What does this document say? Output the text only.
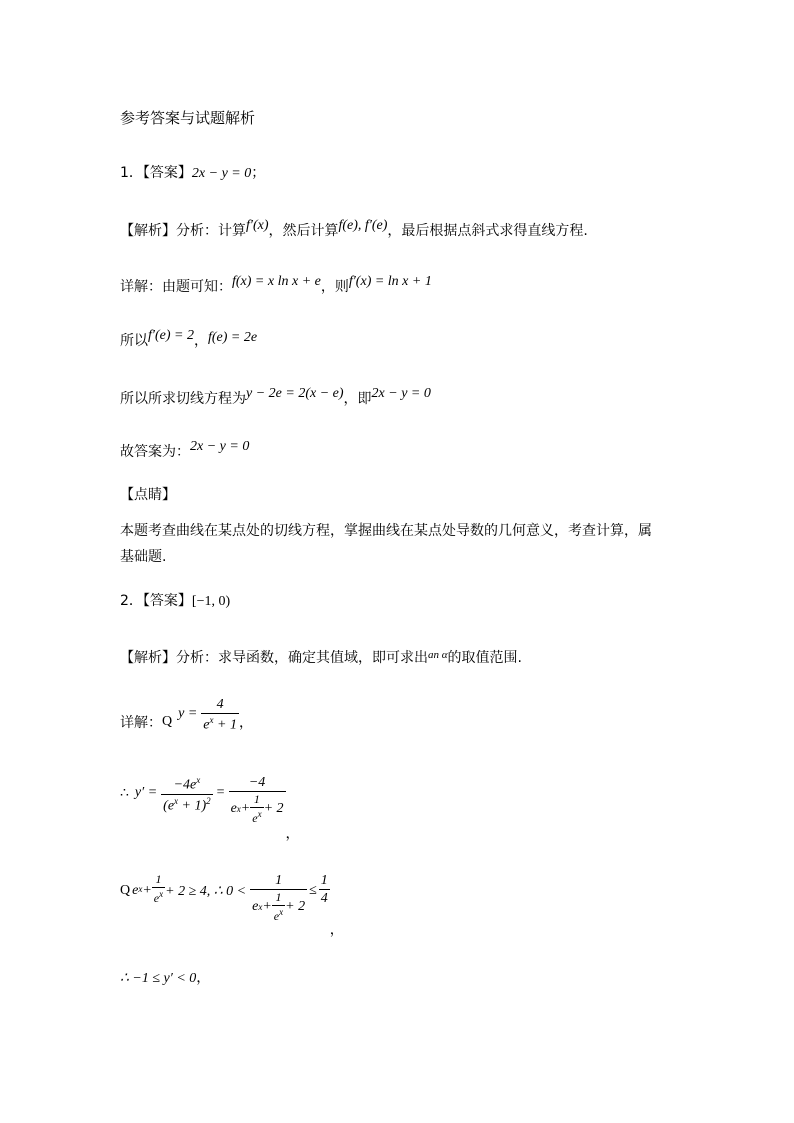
参考答案与试题解析
1．【答案】2x − y = 0；
【解析】分析：计算f′(x)，然后计算f(e), f′(e)，最后根据点斜式求得直线方程.
详解：由题可知：f(x) = x ln x + e，则f′(x) = ln x + 1
所以f′(e) = 2，f(e) = 2e
所以所求切线方程为y − 2e = 2(x − e)，即2x − y = 0
故答案为：2x − y = 0
【点睛】
本题考查曲线在某点处的切线方程，掌握曲线在某点处导数的几何意义，考查计算，属
基础题.
2．【答案】[−1, 0)
【解析】分析：求导函数，确定其值域，即可求出$^{an \alpha}$的取值范围.
详解： Q
$y = \frac{4}{e^x + 1}$ ，
∴ $y' = \frac{-4e^x}{(e^x + 1)^2} = \frac{-4}{e x + \frac{1}{e^x} + 2}$
，
Q e $x + \frac{1}{e^x} + 2 \ge 4$, ∴ $0 < \frac{1}{e x + \frac{1}{e^x} + 2} \le \frac{1}{4}$
，
∴ −1 ≤ y′ < 0，
